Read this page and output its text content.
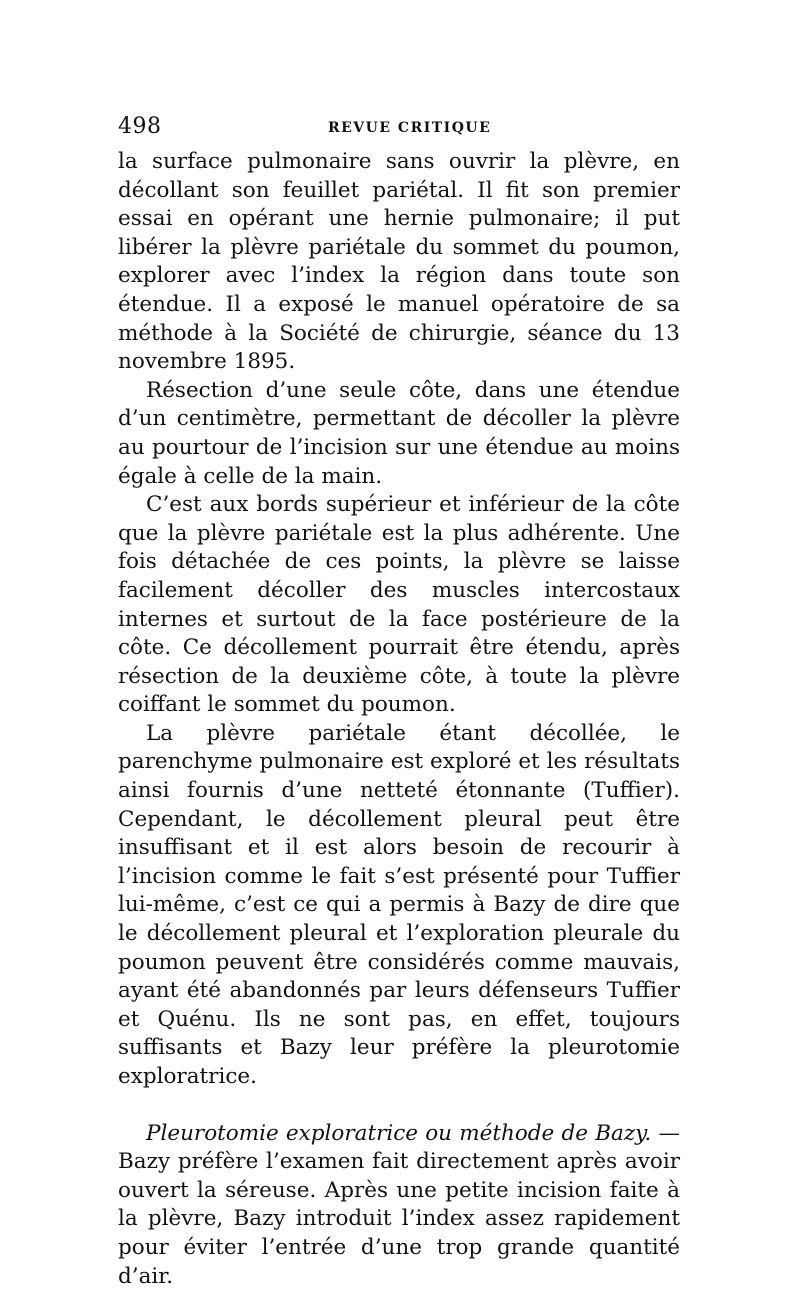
498	REVUE CRITIQUE

la surface pulmonaire sans ouvrir la plèvre, en décollant son feuillet pariétal. Il fit son premier essai en opérant une hernie pulmonaire; il put libérer la plèvre pariétale du sommet du poumon, explorer avec l’index la région dans toute son étendue. Il a exposé le manuel opératoire de sa méthode à la Société de chirurgie, séance du 13 novembre 1895.

Résection d’une seule côte, dans une étendue d’un centimètre, permettant de décoller la plèvre au pourtour de l’incision sur une étendue au moins égale à celle de la main.

C’est aux bords supérieur et inférieur de la côte que la plèvre pariétale est la plus adhérente. Une fois détachée de ces points, la plèvre se laisse facilement décoller des muscles intercostaux internes et surtout de la face postérieure de la côte. Ce décollement pourrait être étendu, après résection de la deuxième côte, à toute la plèvre coiffant le sommet du poumon.

La plèvre pariétale étant décollée, le parenchyme pulmonaire est exploré et les résultats ainsi fournis d’une netteté étonnante (Tuffier). Cependant, le décollement pleural peut être insuffisant et il est alors besoin de recourir à l’incision comme le fait s’est présenté pour Tuffier lui-même, c’est ce qui a permis à Bazy de dire que le décollement pleural et l’exploration pleurale du poumon peuvent être considérés comme mauvais, ayant été abandonnés par leurs défenseurs Tuffier et Quénu. Ils ne sont pas, en effet, toujours suffisants et Bazy leur préfère la pleurotomie exploratrice.

Pleurotomie exploratrice ou méthode de Bazy. — Bazy préfère l’examen fait directement après avoir ouvert la séreuse. Après une petite incision faite à la plèvre, Bazy introduit l’index assez rapidement pour éviter l’entrée d’une trop grande quantité d’air.
